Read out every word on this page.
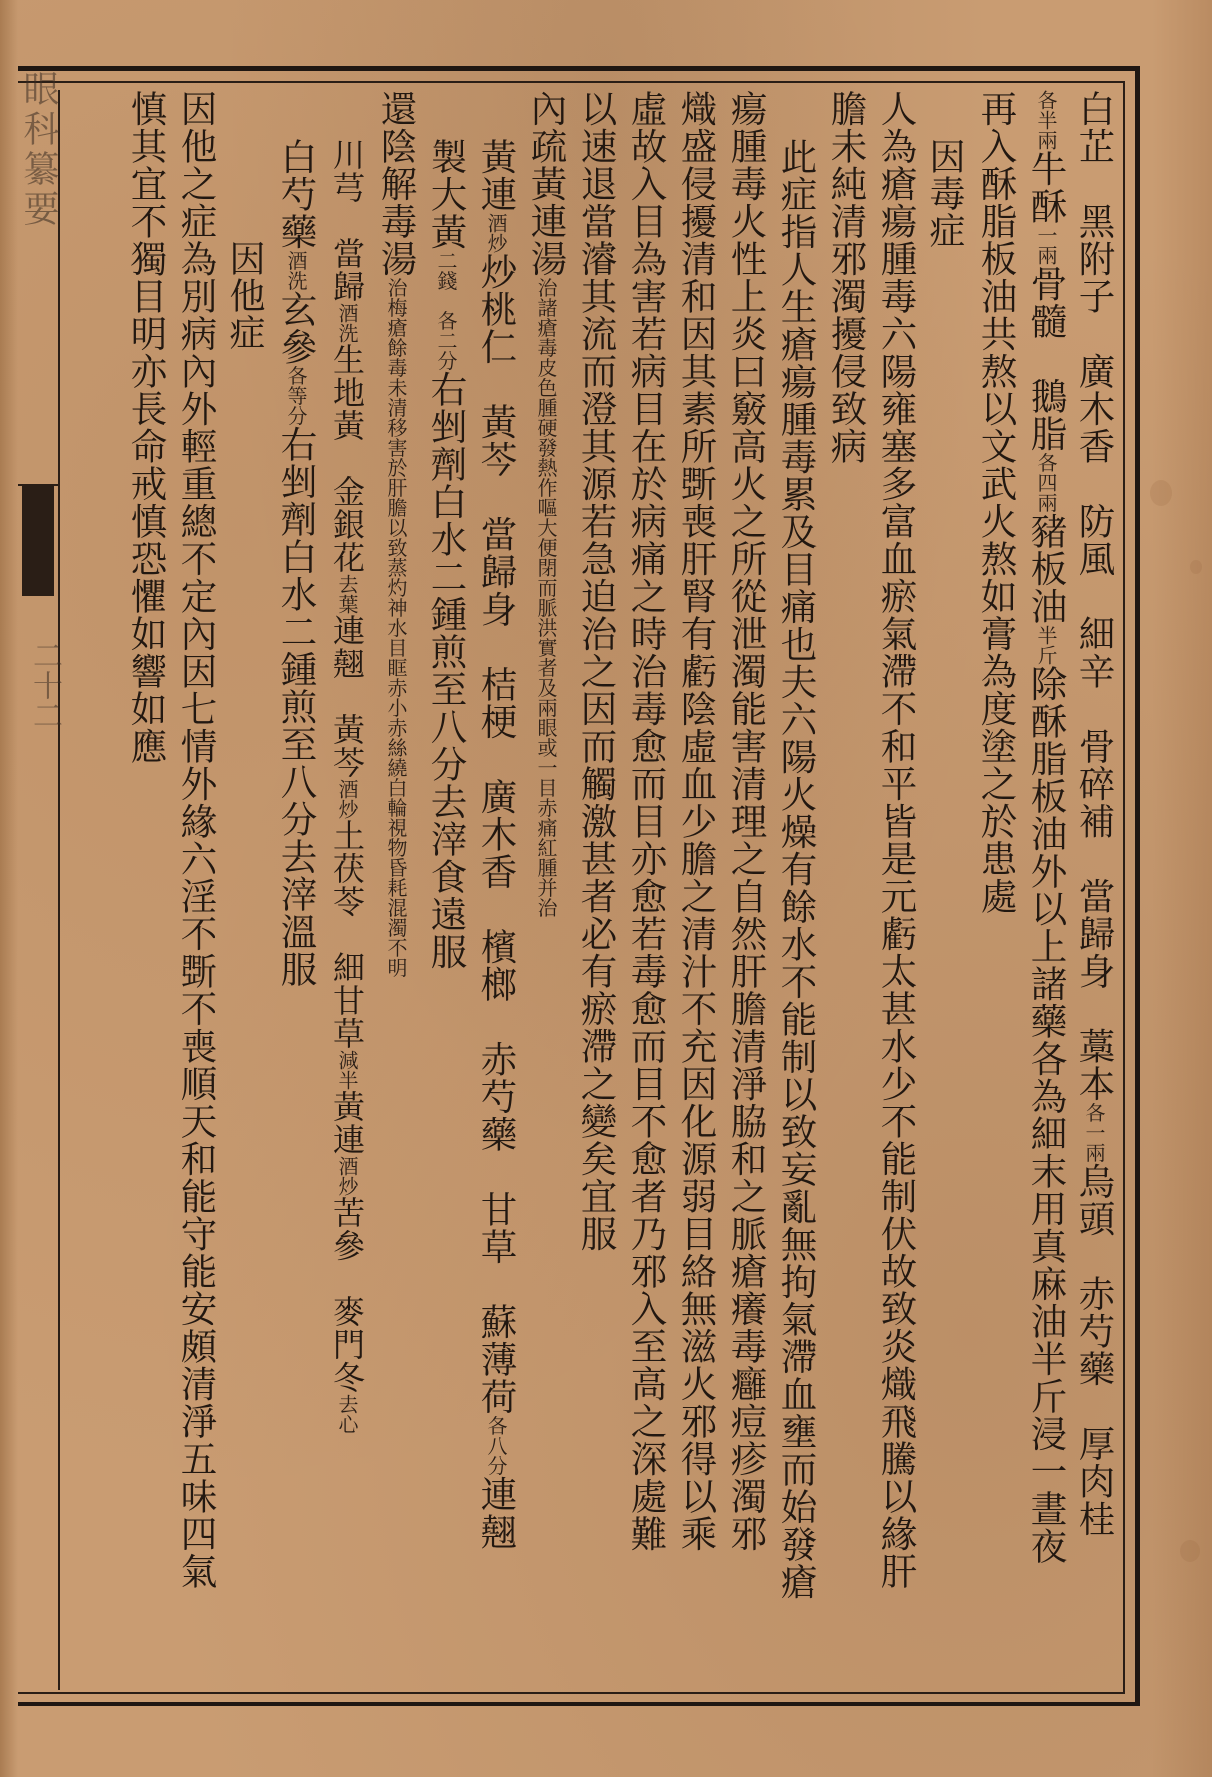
眼科纂要
二十二	白芷　黑附子　廣木香　防風　細辛　骨碎補　當歸身　藁本各一兩烏頭　赤芍藥　厚肉桂
各半兩牛酥一兩骨髓　鵝脂各四兩豬板油半斤除酥脂板油外以上諸藥各為細末用真麻油半斤浸一晝夜
再入酥脂板油共熬以文武火熬如膏為度塗之於患處
因毒症
人為瘡瘍腫毒六陽雍塞多富血瘀氣滯不和平皆是元虧太甚水少不能制伏故致炎熾飛騰以緣肝
膽未純清邪濁擾侵致病
此症指人生瘡瘍腫毒累及目痛也夫六陽火燥有餘水不能制以致妄亂無拘氣滯血壅而始發瘡
瘍腫毒火性上炎曰竅高火之所從泄濁能害清理之自然肝膽清淨脇和之脈瘡癢毒癰痘疹濁邪
熾盛侵擾清和因其素所斲喪肝腎有虧陰虛血少膽之清汁不充因化源弱目絡無滋火邪得以乘
虛故入目為害若病目在於病痛之時治毒愈而目亦愈若毒愈而目不愈者乃邪入至高之深處難
以速退當濬其流而澄其源若急迫治之因而觸激甚者必有瘀滯之變矣宜服
內疏黃連湯治諸瘡毒皮色腫硬發熱作嘔大便閉而脈洪實者及兩眼或一目赤痛紅腫并治
黃連酒炒炒桃仁　黃芩　當歸身　桔梗　廣木香　檳榔　赤芍藥　甘草　蘇薄荷各八分連翹
製大黃二錢　各二分右剉劑白水二鍾煎至八分去滓食遠服
還陰解毒湯治梅瘡餘毒未清移害於肝膽以致蒸灼神水目眶赤小赤絲繞白輪視物昏耗混濁不明
川芎　當歸酒洗生地黃　金銀花去葉連翹　黃芩酒炒土茯苓　細甘草減半黃連酒炒苦參　麥門冬去心
白芍藥酒洗玄參各等分右剉劑白水二鍾煎至八分去滓溫服
因他症
因他之症為別病內外輕重總不定內因七情外緣六淫不斲不喪順天和能守能安頗清淨五味四氣
慎其宜不獨目明亦長命戒慎恐懼如響如應
